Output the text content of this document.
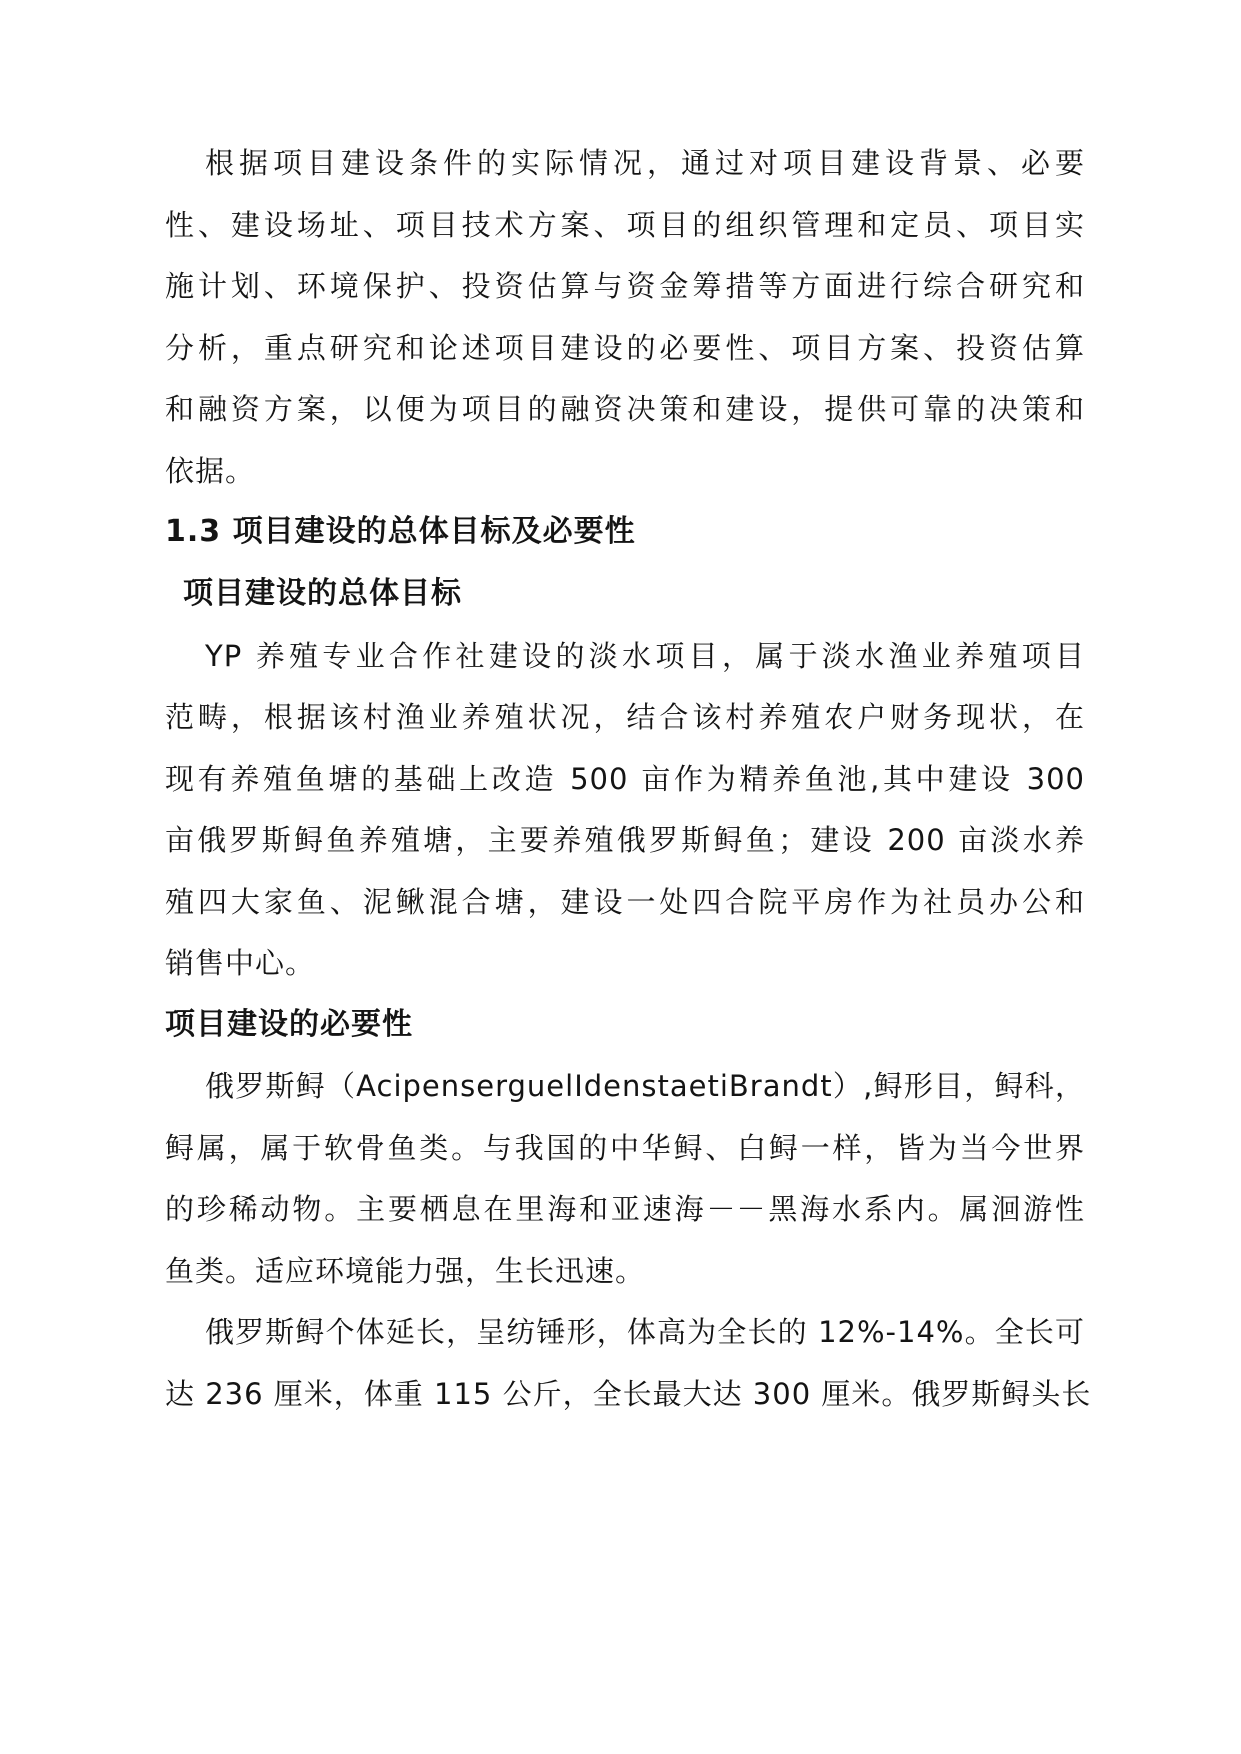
根据项目建设条件的实际情况，通过对项目建设背景、必要
性、建设场址、项目技术方案、项目的组织管理和定员、项目实
施计划、环境保护、投资估算与资金筹措等方面进行综合研究和
分析，重点研究和论述项目建设的必要性、项目方案、投资估算
和融资方案，以便为项目的融资决策和建设，提供可靠的决策和
依据。
1.3 项目建设的总体目标及必要性
项目建设的总体目标
YP 养殖专业合作社建设的淡水项目，属于淡水渔业养殖项目
范畴，根据该村渔业养殖状况，结合该村养殖农户财务现状，在
现有养殖鱼塘的基础上改造 500 亩作为精养鱼池,其中建设 300
亩俄罗斯鲟鱼养殖塘，主要养殖俄罗斯鲟鱼；建设 200 亩淡水养
殖四大家鱼、泥鳅混合塘，建设一处四合院平房作为社员办公和
销售中心。
项目建设的必要性
俄罗斯鲟（AcipenserguelIdenstaetiBrandt）,鲟形目，鲟科，
鲟属，属于软骨鱼类。与我国的中华鲟、白鲟一样，皆为当今世界
的珍稀动物。主要栖息在里海和亚速海－－黑海水系内。属洄游性
鱼类。适应环境能力强，生长迅速。
俄罗斯鲟个体延长，呈纺锤形，体高为全长的 12%-14%。全长可
达 236 厘米，体重 115 公斤，全长最大达 300 厘米。俄罗斯鲟头长
